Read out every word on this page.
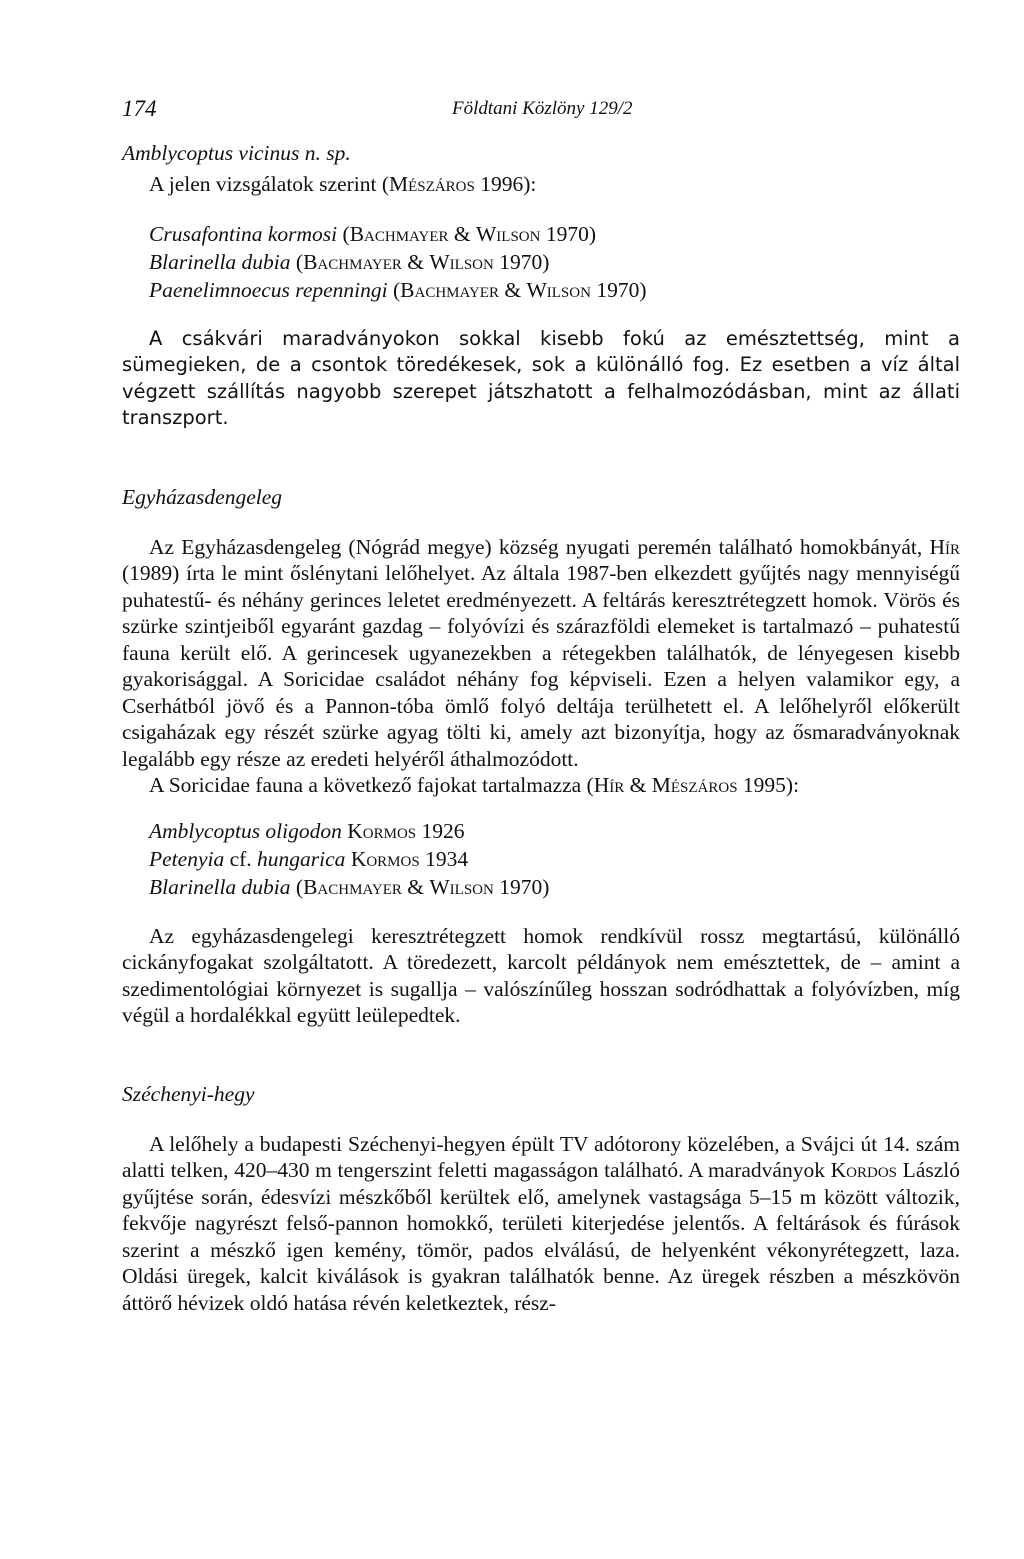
174	Földtani Közlöny 129/2

Amblycoptus vicinus n. sp.

A jelen vizsgálatok szerint (Mészáros 1996):

Crusafontina kormosi (Bachmayer & Wilson 1970)
Blarinella dubia (Bachmayer & Wilson 1970)
Paenelimnoecus repenningi (Bachmayer & Wilson 1970)

A csákvári maradványokon sokkal kisebb fokú az emésztettség, mint a sümegieken, de a csontok töredékesek, sok a különálló fog. Ez esetben a víz által végzett szállítás nagyobb szerepet játszhatott a felhalmozódásban, mint az állati transzport.

Egyházasdengeleg

Az Egyházasdengeleg (Nógrád megye) község nyugati peremén található homokbányát, Hír (1989) írta le mint őslénytani lelőhelyet. Az általa 1987-ben elkezdett gyűjtés nagy mennyiségű puhatestű- és néhány gerinces leletet eredményezett. A feltárás keresztrétegzett homok. Vörös és szürke szintjeiből egyaránt gazdag – folyóvízi és szárazföldi elemeket is tartalmazó – puhatestű fauna került elő. A gerincesek ugyanezekben a rétegekben találhatók, de lényegesen kisebb gyakorisággal. A Soricidae családot néhány fog képviseli. Ezen a helyen valamikor egy, a Cserhátból jövő és a Pannon-tóba ömlő folyó deltája terülhetett el. A lelőhelyről előkerült csigaházak egy részét szürke agyag tölti ki, amely azt bizonyítja, hogy az ősmaradványoknak legalább egy része az eredeti helyéről áthalmozódott.

A Soricidae fauna a következő fajokat tartalmazza (Hír & Mészáros 1995):

Amblycoptus oligodon Kormos 1926
Petenyia cf. hungarica Kormos 1934
Blarinella dubia (Bachmayer & Wilson 1970)

Az egyházasdengelegi keresztrétegzett homok rendkívül rossz megtartású, különálló cickányfogakat szolgáltatott. A töredezett, karcolt példányok nem emésztettek, de – amint a szedimentológiai környezet is sugallja – valószínűleg hosszan sodródhattak a folyóvízben, míg végül a hordalékkal együtt leülepedtek.

Széchenyi-hegy

A lelőhely a budapesti Széchenyi-hegyen épült TV adótorony közelében, a Svájci út 14. szám alatti telken, 420–430 m tengerszint feletti magasságon található. A maradványok Kordos László gyűjtése során, édesvízi mészkőből kerültek elő, amelynek vastagsága 5–15 m között változik, fekvője nagyrészt felső-pannon homokkő, területi kiterjedése jelentős. A feltárások és fúrások szerint a mészkő igen kemény, tömör, pados elválású, de helyenként vékonyrétegzett, laza. Oldási üregek, kalcit kiválások is gyakran találhatók benne. Az üregek részben a mészkövön áttörő hévizek oldó hatása révén keletkeztek, rész-
